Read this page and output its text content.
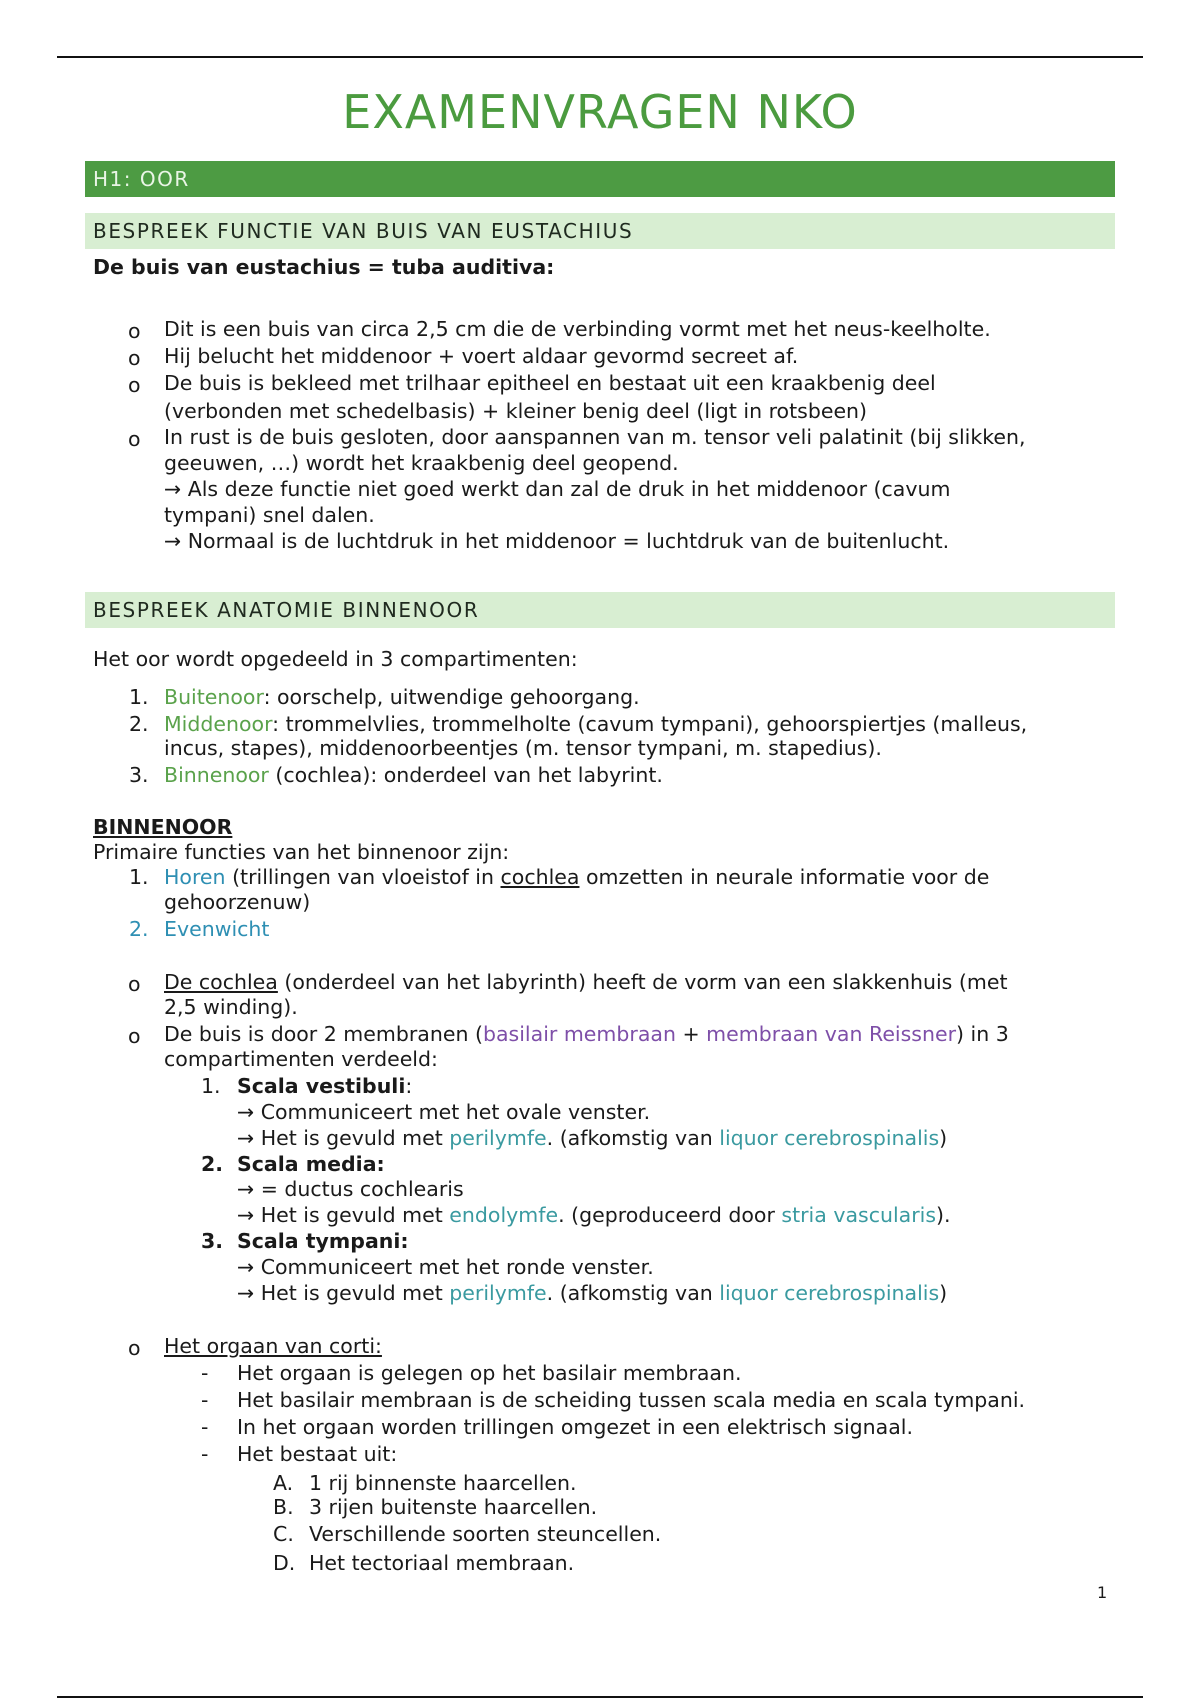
EXAMENVRAGEN NKO
H1: OOR
BESPREEK FUNCTIE VAN BUIS VAN EUSTACHIUS
De buis van eustachius = tuba auditiva:
o Dit is een buis van circa 2,5 cm die de verbinding vormt met het neus-keelholte.
o Hij belucht het middenoor + voert aldaar gevormd secreet af.
o De buis is bekleed met trilhaar epitheel en bestaat uit een kraakbenig deel
(verbonden met schedelbasis) + kleiner benig deel (ligt in rotsbeen)
o In rust is de buis gesloten, door aanspannen van m. tensor veli palatinit (bij slikken,
geeuwen, …) wordt het kraakbenig deel geopend.
→ Als deze functie niet goed werkt dan zal de druk in het middenoor (cavum
tympani) snel dalen.
→ Normaal is de luchtdruk in het middenoor = luchtdruk van de buitenlucht.
BESPREEK ANATOMIE BINNENOOR
Het oor wordt opgedeeld in 3 compartimenten:
1. Buitenoor: oorschelp, uitwendige gehoorgang.
2. Middenoor: trommelvlies, trommelholte (cavum tympani), gehoorspiertjes (malleus,
incus, stapes), middenoorbeentjes (m. tensor tympani, m. stapedius).
3. Binnenoor (cochlea): onderdeel van het labyrint.
BINNENOOR
Primaire functies van het binnenoor zijn:
1. Horen (trillingen van vloeistof in cochlea omzetten in neurale informatie voor de
gehoorzenuw)
2. Evenwicht
o De cochlea (onderdeel van het labyrinth) heeft de vorm van een slakkenhuis (met
2,5 winding).
o De buis is door 2 membranen (basilair membraan + membraan van Reissner) in 3
compartimenten verdeeld:
1. Scala vestibuli:
→ Communiceert met het ovale venster.
→ Het is gevuld met perilymfe. (afkomstig van liquor cerebrospinalis)
2. Scala media:
→ = ductus cochlearis
→ Het is gevuld met endolymfe. (geproduceerd door stria vascularis).
3. Scala tympani:
→ Communiceert met het ronde venster.
→ Het is gevuld met perilymfe. (afkomstig van liquor cerebrospinalis)
o Het orgaan van corti:
- Het orgaan is gelegen op het basilair membraan.
- Het basilair membraan is de scheiding tussen scala media en scala tympani.
- In het orgaan worden trillingen omgezet in een elektrisch signaal.
- Het bestaat uit:
A. 1 rij binnenste haarcellen.
B. 3 rijen buitenste haarcellen.
C. Verschillende soorten steuncellen.
D. Het tectoriaal membraan.
1
